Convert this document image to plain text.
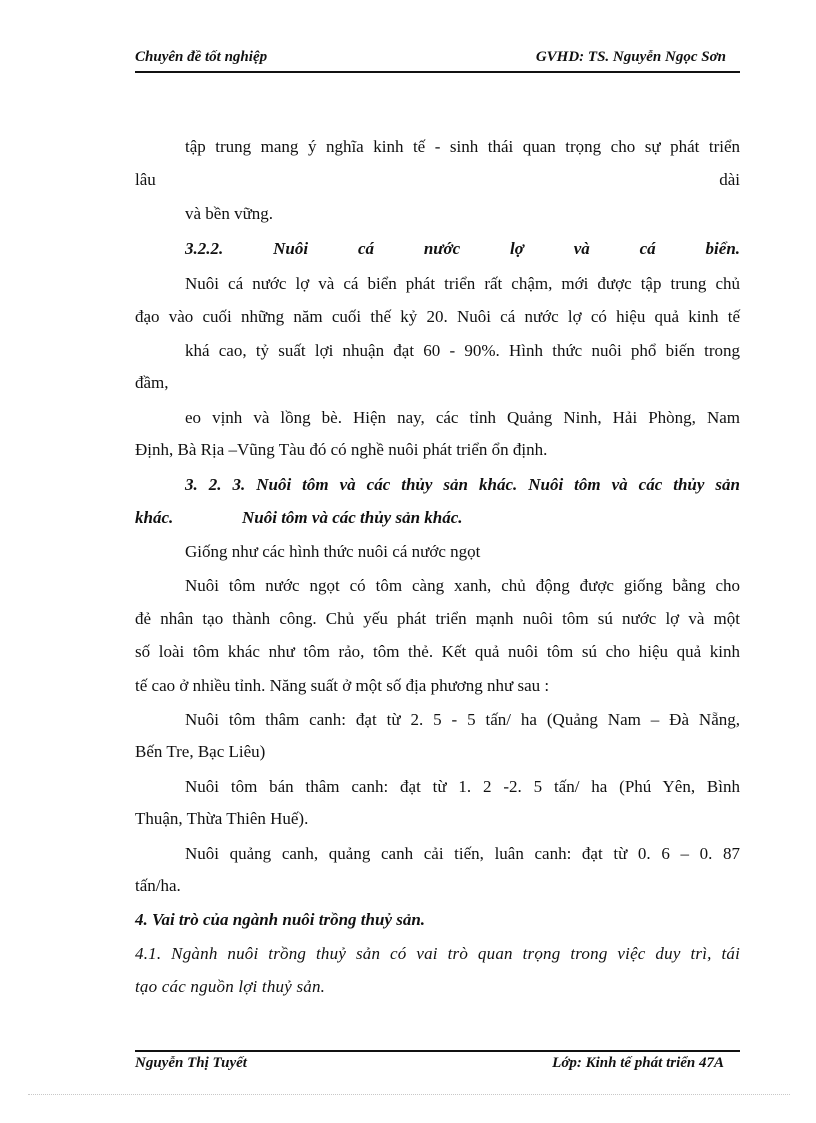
Chuyên đề tốt nghiệp	GVHD: TS. Nguyễn Ngọc Sơn
tập trung mang ý nghĩa kinh tế - sinh thái quan trọng cho sự phát triển
lâu	dài
và bền vững.
3.2.2.	Nuôi	cá	nước	lợ	và	cá	biển.
Nuôi cá nước lợ và cá biển phát triển rất chậm, mới được tập trung chủ
đạo vào cuối những năm cuối thế kỷ 20. Nuôi cá nước lợ có hiệu quả kinh tế
khá cao, tỷ suất lợi nhuận đạt 60 - 90%. Hình thức nuôi phổ biến trong
đầm,
eo vịnh và lồng bè. Hiện nay, các tỉnh Quảng Ninh, Hải Phòng, Nam
Định, Bà Rịa –Vũng Tàu đó có nghề nuôi phát triển ổn định.
3. 2. 3. Nuôi tôm và các thủy sản khác. Nuôi tôm và các thủy sản
khác.	Nuôi tôm và các thủy sản khác.
Giống như các hình thức nuôi cá nước ngọt
Nuôi tôm nước ngọt có tôm càng xanh, chủ động được giống bằng cho
đẻ nhân tạo thành công. Chủ yếu phát triển mạnh nuôi tôm sú nước lợ và một
số loài tôm khác như tôm rảo, tôm thẻ. Kết quả nuôi tôm sú cho hiệu quả kinh
tế cao ở nhiều tỉnh. Năng suất ở một số địa phương như sau :
Nuôi tôm thâm canh: đạt từ 2. 5 - 5 tấn/ ha (Quảng Nam – Đà Nẵng,
Bến Tre, Bạc Liêu)
Nuôi tôm bán thâm canh: đạt từ 1. 2 -2. 5 tấn/ ha (Phú Yên, Bình
Thuận, Thừa Thiên Huế).
Nuôi quảng canh, quảng canh cải tiến, luân canh: đạt từ 0. 6 – 0. 87
tấn/ha.
4. Vai trò của ngành nuôi trồng thuỷ sản.
4.1. Ngành nuôi trồng thuỷ sản có vai trò quan trọng trong việc duy trì, tái
tạo các nguồn lợi thuỷ sản.
Nguyễn Thị Tuyết	Lớp: Kinh tế phát triển 47A
